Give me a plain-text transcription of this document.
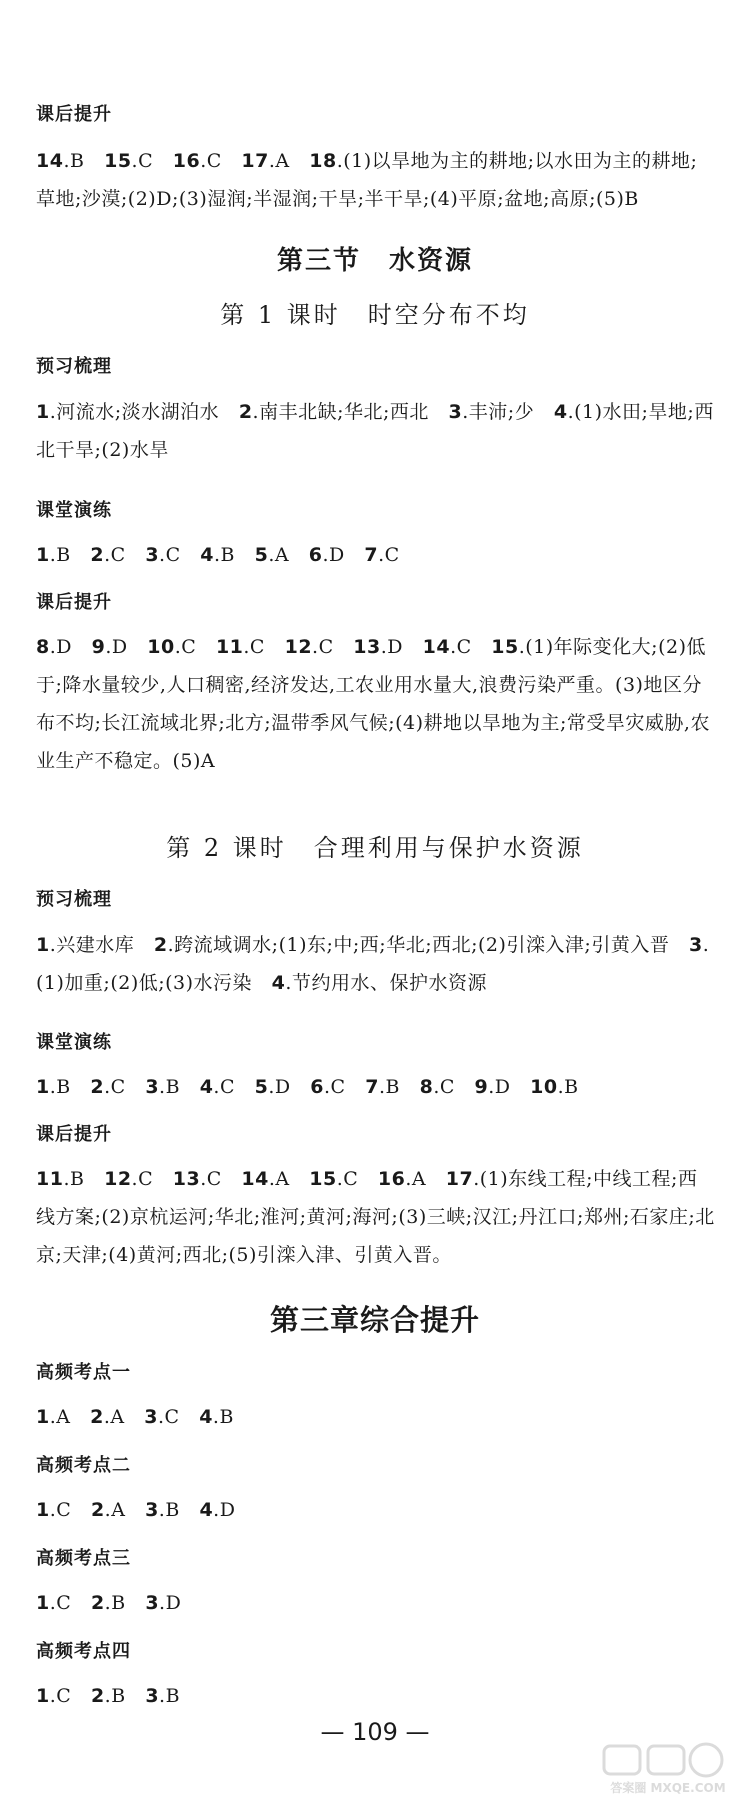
课后提升
14.B 15.C 16.C 17.A 18.(1)以旱地为主的耕地;以水田为主的耕地;草地;沙漠;(2)D;(3)湿润;半湿润;干旱;半干旱;(4)平原;盆地;高原;(5)B
第三节　水资源
第 1 课时　时空分布不均
预习梳理
1.河流水;淡水湖泊水 2.南丰北缺;华北;西北 3.丰沛;少 4.(1)水田;旱地;西北干旱;(2)水旱
课堂演练
1.B 2.C 3.C 4.B 5.A 6.D 7.C
课后提升
8.D 9.D 10.C 11.C 12.C 13.D 14.C 15.(1)年际变化大;(2)低于;降水量较少,人口稠密,经济发达,工农业用水量大,浪费污染严重。(3)地区分布不均;长江流域北界;北方;温带季风气候;(4)耕地以旱地为主;常受旱灾威胁,农业生产不稳定。(5)A
第 2 课时　合理利用与保护水资源
预习梳理
1.兴建水库 2.跨流域调水;(1)东;中;西;华北;西北;(2)引滦入津;引黄入晋 3.(1)加重;(2)低;(3)水污染 4.节约用水、保护水资源
课堂演练
1.B 2.C 3.B 4.C 5.D 6.C 7.B 8.C 9.D 10.B
课后提升
11.B 12.C 13.C 14.A 15.C 16.A 17.(1)东线工程;中线工程;西线方案;(2)京杭运河;华北;淮河;黄河;海河;(3)三峡;汉江;丹江口;郑州;石家庄;北京;天津;(4)黄河;西北;(5)引滦入津、引黄入晋。
第三章综合提升
高频考点一
1.A 2.A 3.C 4.B
高频考点二
1.C 2.A 3.B 4.D
高频考点三
1.C 2.B 3.D
高频考点四
1.C 2.B 3.B
— 109 —
答案圈 MXQE.COM
